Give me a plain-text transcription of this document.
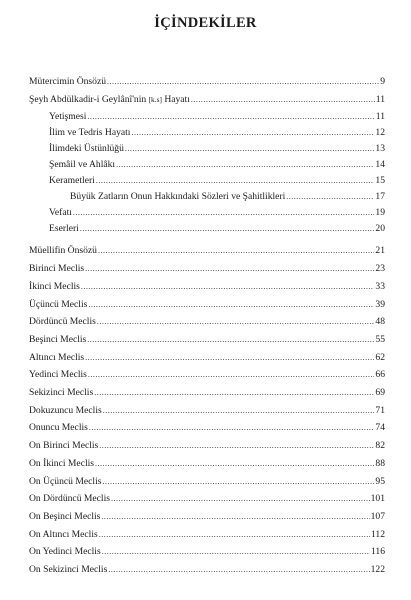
İÇİNDEKİLER
Mütercimin Önsözü .....	9
Şeyh Abdülkadir-i Geylânî'nin [k.s] Hayatı .....	11
Yetişmesi .....	11
İlim ve Tedris Hayatı .....	12
İlimdeki Üstünlüğü .....	13
Şemâil ve Ahlâkı .....	14
Kerametleri .....	15
Büyük Zatların Onun Hakkındaki Sözleri ve Şahitlikleri .....	17
Vefatı .....	19
Eserleri .....	20
Müellifin Önsözü .....	21
Birinci Meclis .....	23
İkinci Meclis .....	33
Üçüncü Meclis .....	39
Dördüncü Meclis .....	48
Beşinci Meclis .....	55
Altıncı Meclis .....	62
Yedinci Meclis .....	66
Sekizinci Meclis .....	69
Dokuzuncu Meclis .....	71
Onuncu Meclis .....	74
On Birinci Meclis .....	82
On İkinci Meclis .....	88
On Üçüncü Meclis .....	95
On Dördüncü Meclis .....	101
On Beşinci Meclis .....	107
On Altıncı Meclis .....	112
On Yedinci Meclis .....	116
On Sekizinci Meclis .....	122
